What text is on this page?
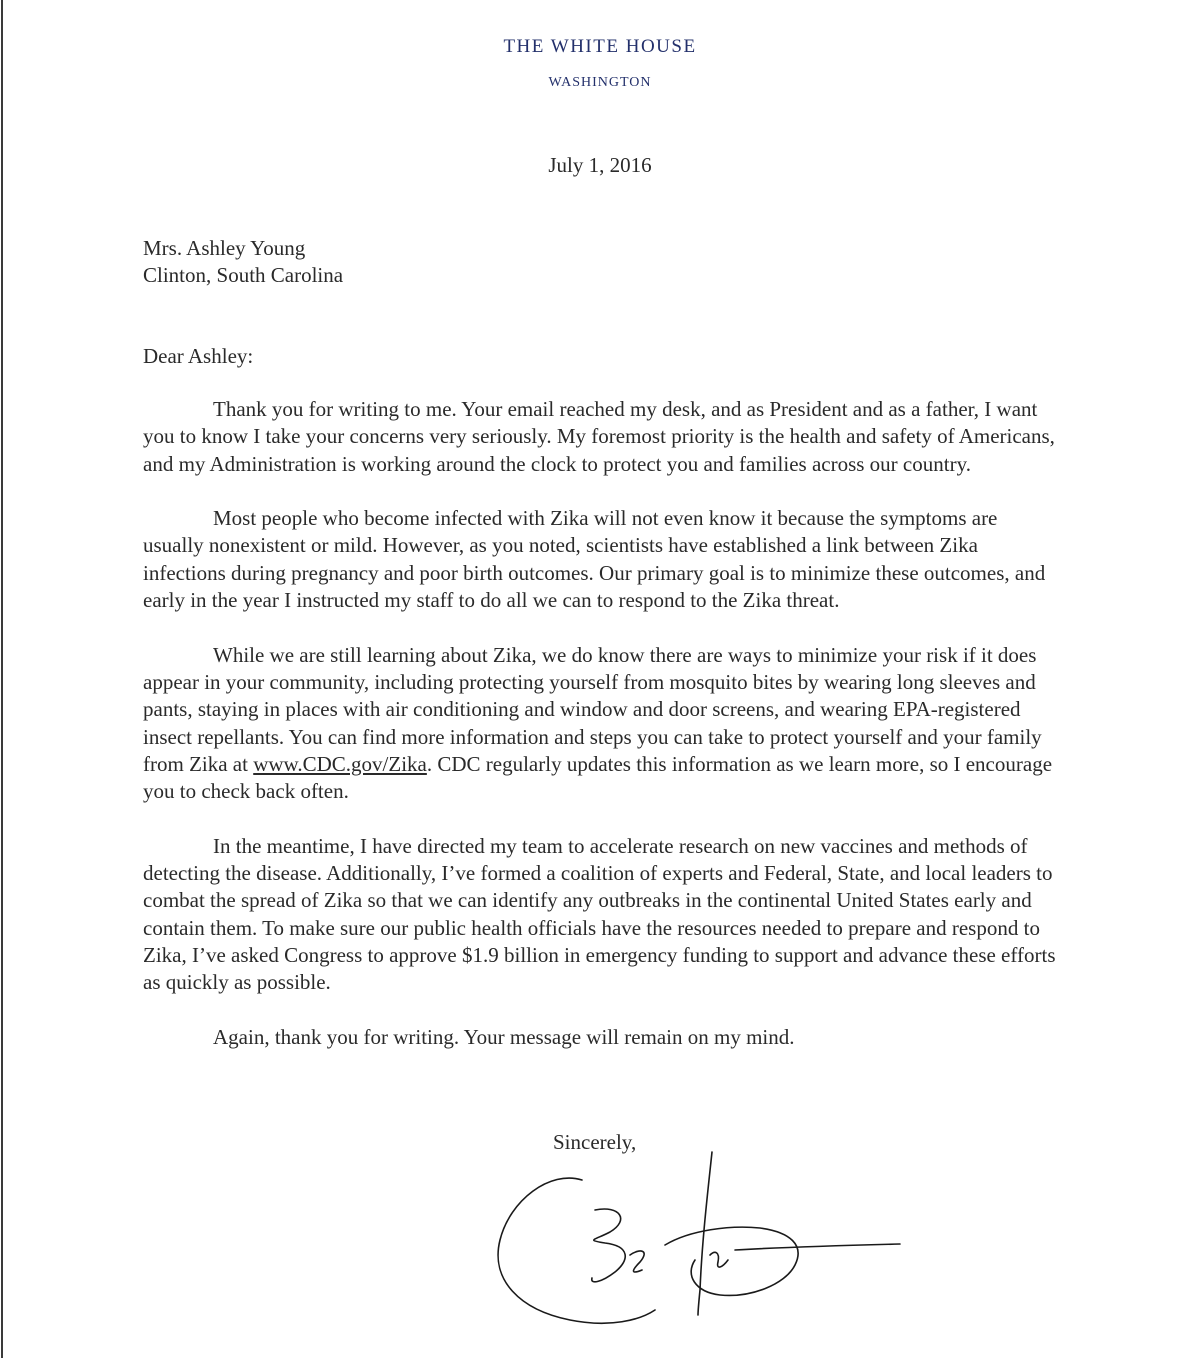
THE WHITE HOUSE
WASHINGTON
July 1, 2016
Mrs. Ashley Young
Clinton, South Carolina
Dear Ashley:

Thank you for writing to me. Your email reached my desk, and as President and as a father, I want you to know I take your concerns very seriously. My foremost priority is the health and safety of Americans, and my Administration is working around the clock to protect you and families across our country.

Most people who become infected with Zika will not even know it because the symptoms are usually nonexistent or mild. However, as you noted, scientists have established a link between Zika infections during pregnancy and poor birth outcomes. Our primary goal is to minimize these outcomes, and early in the year I instructed my staff to do all we can to respond to the Zika threat.

While we are still learning about Zika, we do know there are ways to minimize your risk if it does appear in your community, including protecting yourself from mosquito bites by wearing long sleeves and pants, staying in places with air conditioning and window and door screens, and wearing EPA-registered insect repellants. You can find more information and steps you can take to protect yourself and your family from Zika at www.CDC.gov/Zika. CDC regularly updates this information as we learn more, so I encourage you to check back often.

In the meantime, I have directed my team to accelerate research on new vaccines and methods of detecting the disease. Additionally, I’ve formed a coalition of experts and Federal, State, and local leaders to combat the spread of Zika so that we can identify any outbreaks in the continental United States early and contain them. To make sure our public health officials have the resources needed to prepare and respond to Zika, I’ve asked Congress to approve $1.9 billion in emergency funding to support and advance these efforts as quickly as possible.

Again, thank you for writing. Your message will remain on my mind.

Sincerely,
